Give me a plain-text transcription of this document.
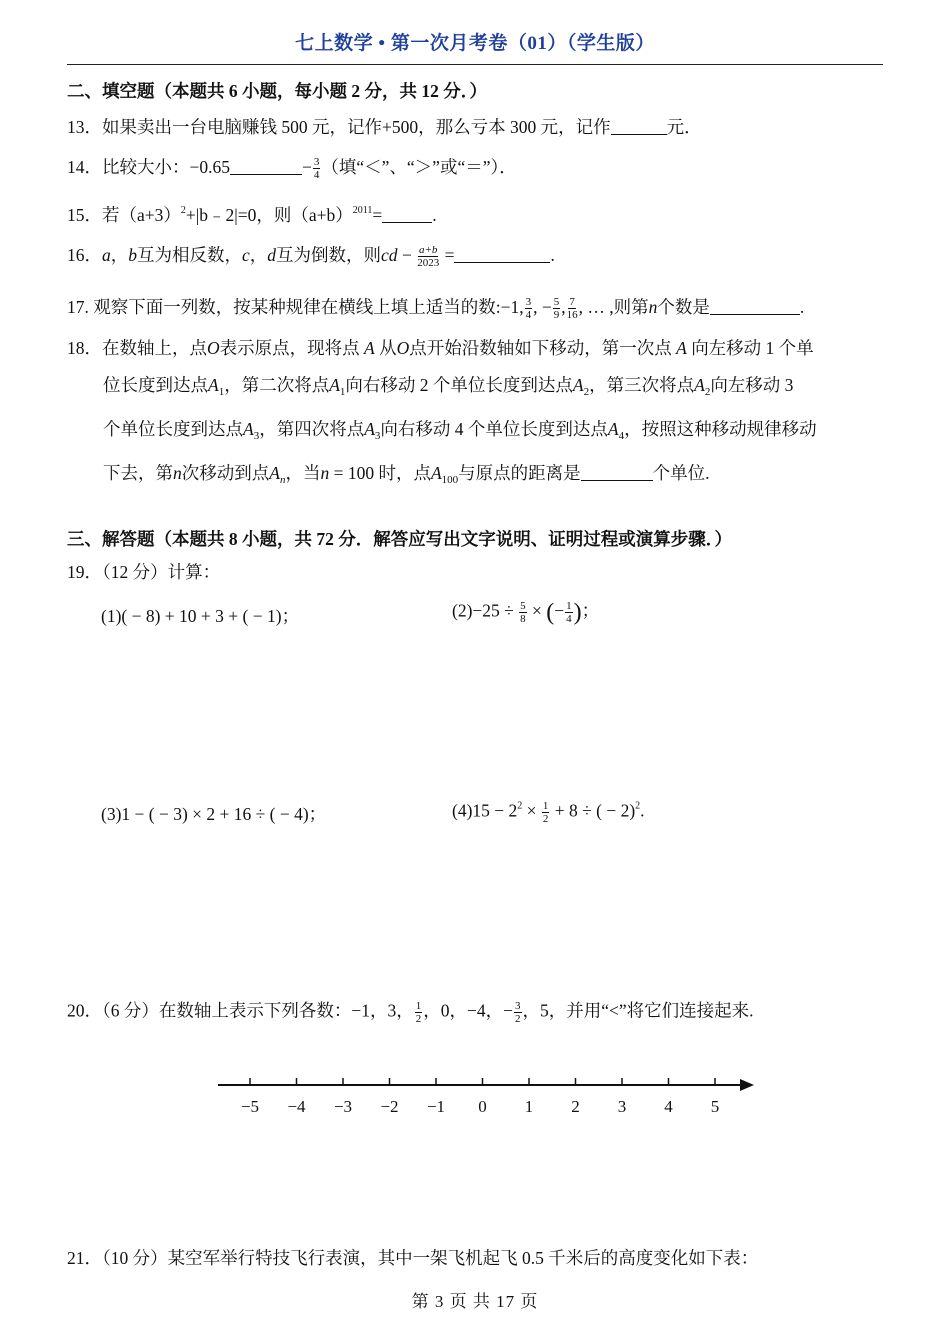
七上数学 • 第一次月考卷（01）（学生版）
二、填空题（本题共 6 小题，每小题 2 分，共 12 分．）
13．如果卖出一台电脑赚钱 500 元，记作+500，那么亏本 300 元，记作	元．
14．比较大小：−0.65	− $\frac{3}{4}$ （填“＜”、“＞”或“＝”）．
15．若$(a+3)^2+|b﹣2|=0$，则$(a+b)^{2011}=$	.
16．a，b互为相反数，c，d互为倒数，则cd − $\frac{a+b}{2023}$ =	.
17. 观察下面一列数，按某种规律在横线上填上适当的数:−1, $\frac{3}{4}$ , − $\frac{5}{9}$ , $\frac{7}{16}$ , … ,则第n个数是	.
18．在数轴上，点O表示原点，现将点 A 从O点开始沿数轴如下移动，第一次点 A 向左移动 1 个单
位长度到达点$A_1$，第二次将点$A_1$向右移动 2 个单位长度到达点$A_2$，第三次将点$A_2$向左移动 3
个单位长度到达点$A_3$，第四次将点$A_3$向右移动 4 个单位长度到达点$A_4$，按照这种移动规律移动
下去，第n次移动到点$A_n$，当n = 100 时，点$A_{100}$与原点的距离是	个单位.
三、解答题（本题共 8 小题，共 72 分．解答应写出文字说明、证明过程或演算步骤．）
19．（12 分）计算：
(1)( − 8) + 10 + 3 + ( − 1)；	$(2)-25 \div \frac{5}{8}$ × (− $\frac{1}{4}$ )；
(3)1 − ( − 3) × 2 + 16 ÷ ( − 4)；	$(4)15 - 2^2 \times \frac{1}{2} + 8$ ÷ ( − 2)$^2$.
20．（6 分）在数轴上表示下列各数：−1，3， $\frac{1}{2}$ ，0，−4，− $\frac{3}{2}$ ，5，并用“<”将它们连接起来.
−5 −4 −3 −2 −1 0 1 2 3 4 5
21．（10 分）某空军举行特技飞行表演，其中一架飞机起飞 0.5 千米后的高度变化如下表：
第 3 页 共 17 页
